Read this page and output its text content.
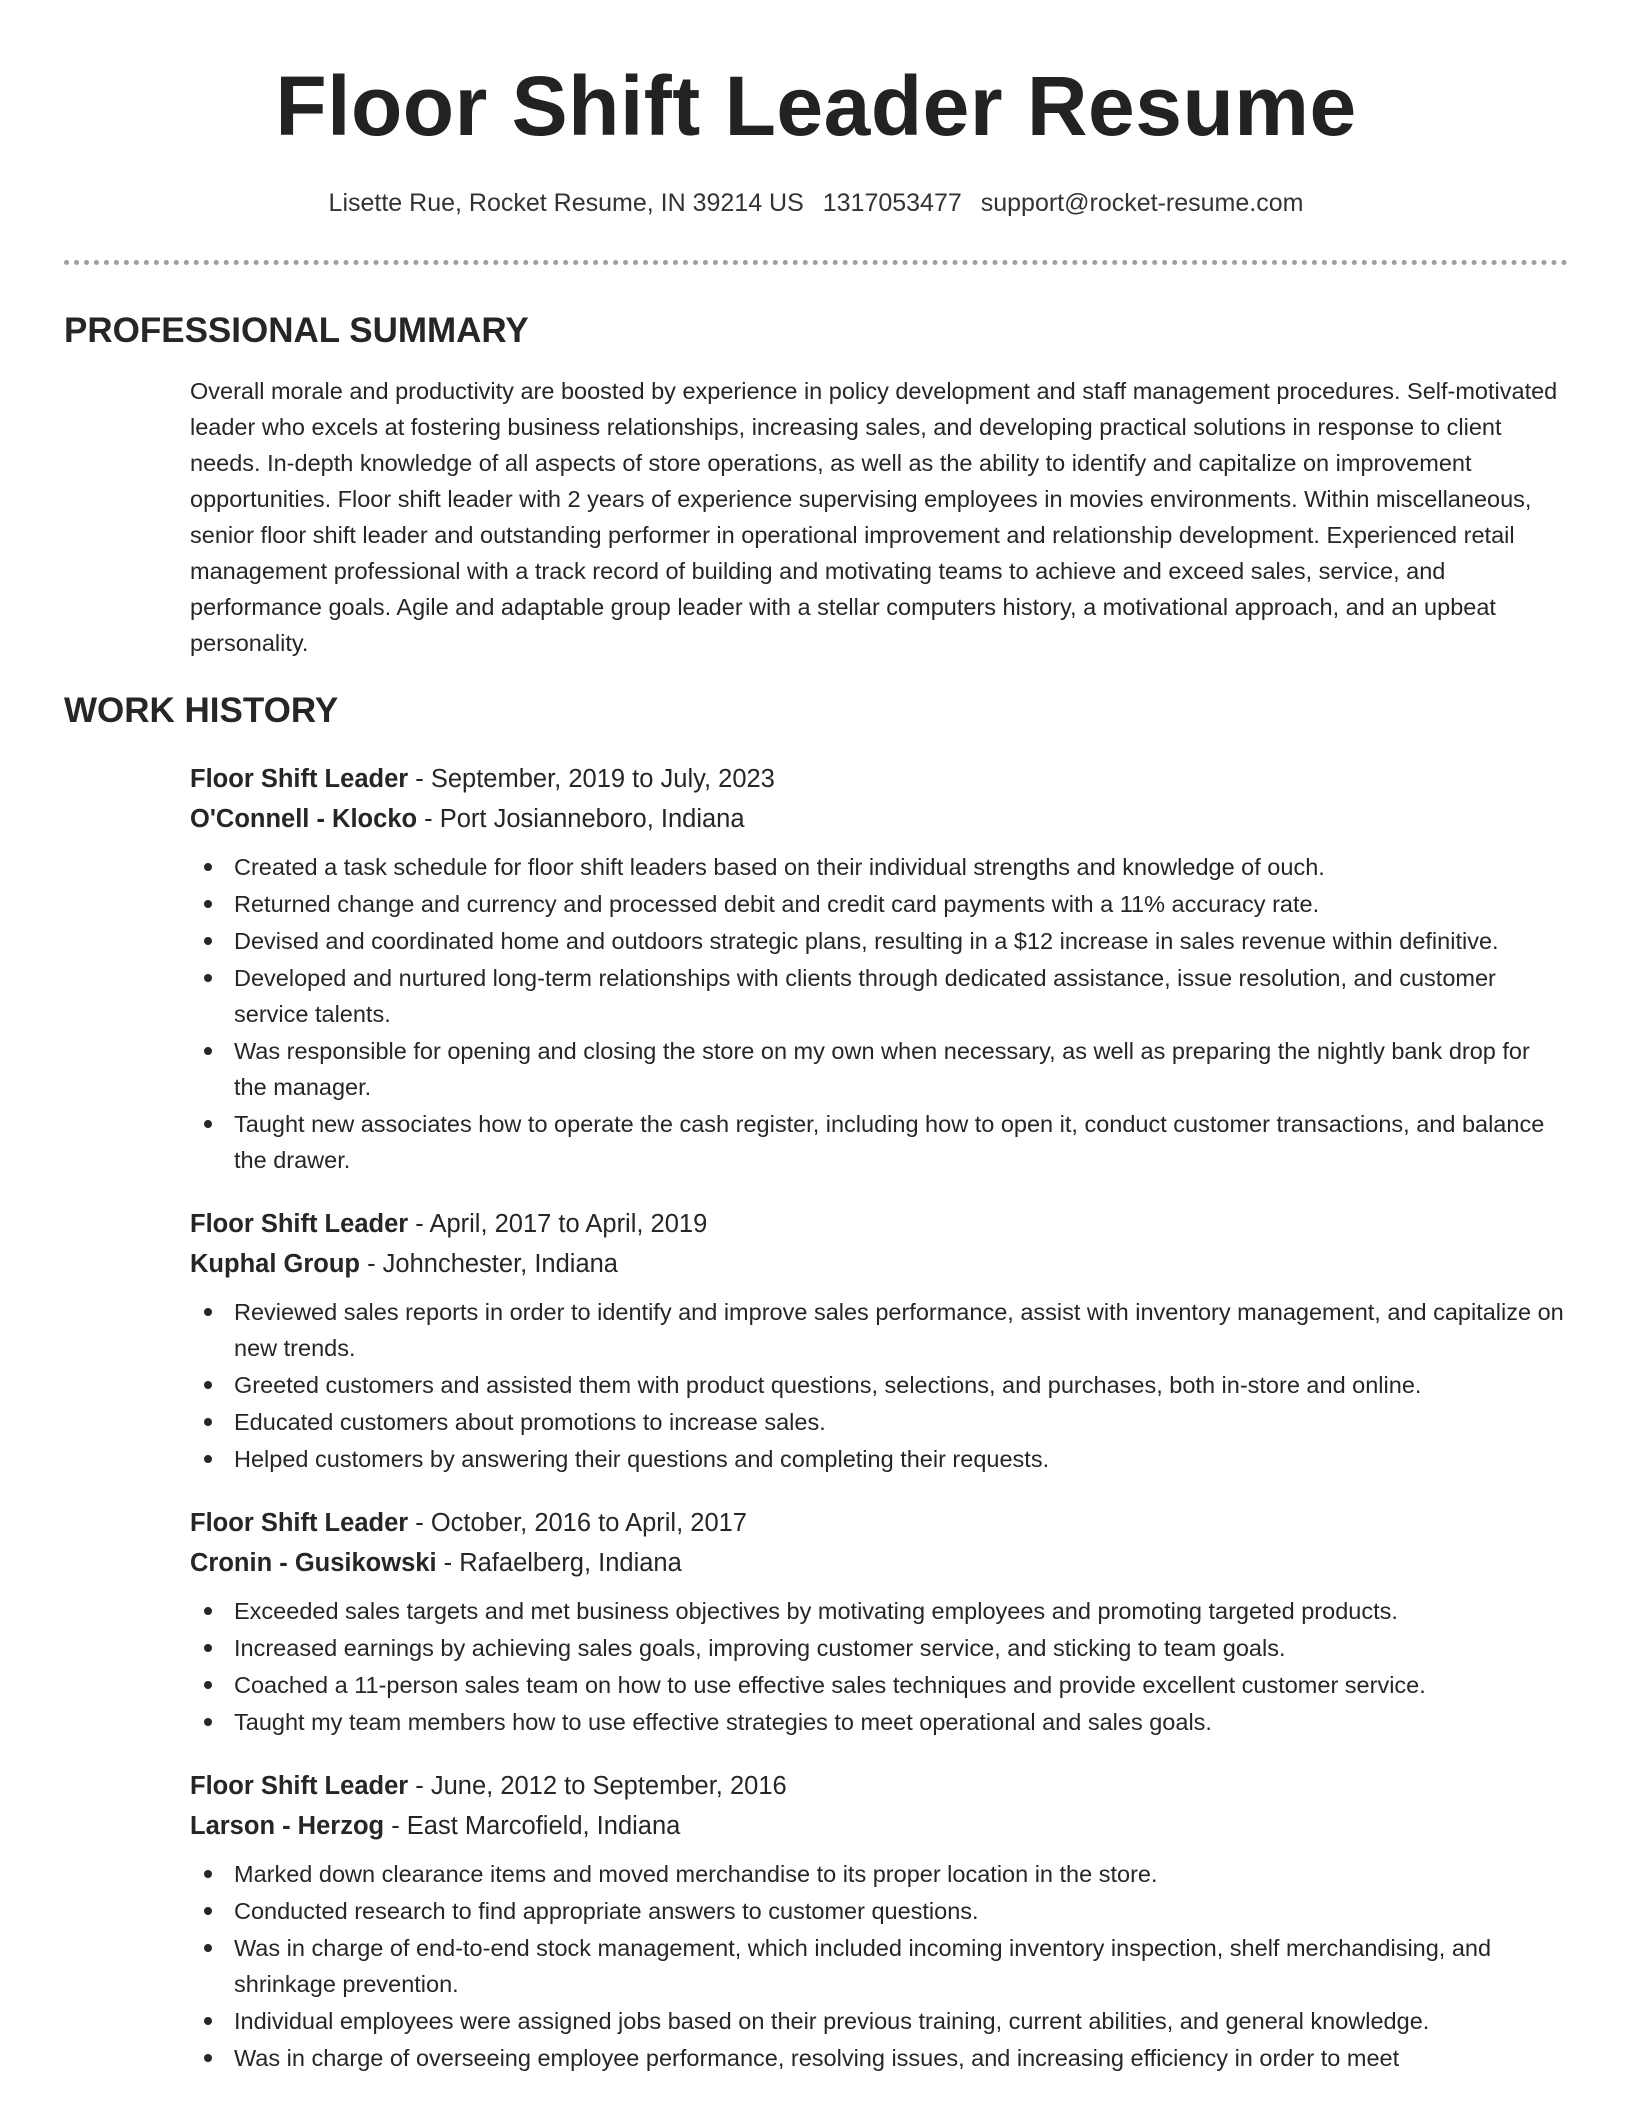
Floor Shift Leader Resume
Lisette Rue, Rocket Resume, IN 39214 US 1317053477 support@rocket-resume.com
PROFESSIONAL SUMMARY

Overall morale and productivity are boosted by experience in policy development and staff management procedures. Self-motivated leader who excels at fostering business relationships, increasing sales, and developing practical solutions in response to client needs. In-depth knowledge of all aspects of store operations, as well as the ability to identify and capitalize on improvement opportunities. Floor shift leader with 2 years of experience supervising employees in movies environments. Within miscellaneous, senior floor shift leader and outstanding performer in operational improvement and relationship development. Experienced retail management professional with a track record of building and motivating teams to achieve and exceed sales, service, and performance goals. Agile and adaptable group leader with a stellar computers history, a motivational approach, and an upbeat personality.

WORK HISTORY
Floor Shift Leader - September, 2019 to July, 2023
O'Connell - Klocko - Port Josianneboro, Indiana
Created a task schedule for floor shift leaders based on their individual strengths and knowledge of ouch.
Returned change and currency and processed debit and credit card payments with a 11% accuracy rate.
Devised and coordinated home and outdoors strategic plans, resulting in a $12 increase in sales revenue within definitive.
Developed and nurtured long-term relationships with clients through dedicated assistance, issue resolution, and customer service talents.
Was responsible for opening and closing the store on my own when necessary, as well as preparing the nightly bank drop for the manager.
Taught new associates how to operate the cash register, including how to open it, conduct customer transactions, and balance the drawer.
Floor Shift Leader - April, 2017 to April, 2019
Kuphal Group - Johnchester, Indiana
Reviewed sales reports in order to identify and improve sales performance, assist with inventory management, and capitalize on new trends.
Greeted customers and assisted them with product questions, selections, and purchases, both in-store and online.
Educated customers about promotions to increase sales.
Helped customers by answering their questions and completing their requests.
Floor Shift Leader - October, 2016 to April, 2017
Cronin - Gusikowski - Rafaelberg, Indiana
Exceeded sales targets and met business objectives by motivating employees and promoting targeted products.
Increased earnings by achieving sales goals, improving customer service, and sticking to team goals.
Coached a 11-person sales team on how to use effective sales techniques and provide excellent customer service.
Taught my team members how to use effective strategies to meet operational and sales goals.
Floor Shift Leader - June, 2012 to September, 2016
Larson - Herzog - East Marcofield, Indiana
Marked down clearance items and moved merchandise to its proper location in the store.
Conducted research to find appropriate answers to customer questions.
Was in charge of end-to-end stock management, which included incoming inventory inspection, shelf merchandising, and shrinkage prevention.
Individual employees were assigned jobs based on their previous training, current abilities, and general knowledge.
Was in charge of overseeing employee performance, resolving issues, and increasing efficiency in order to meet
